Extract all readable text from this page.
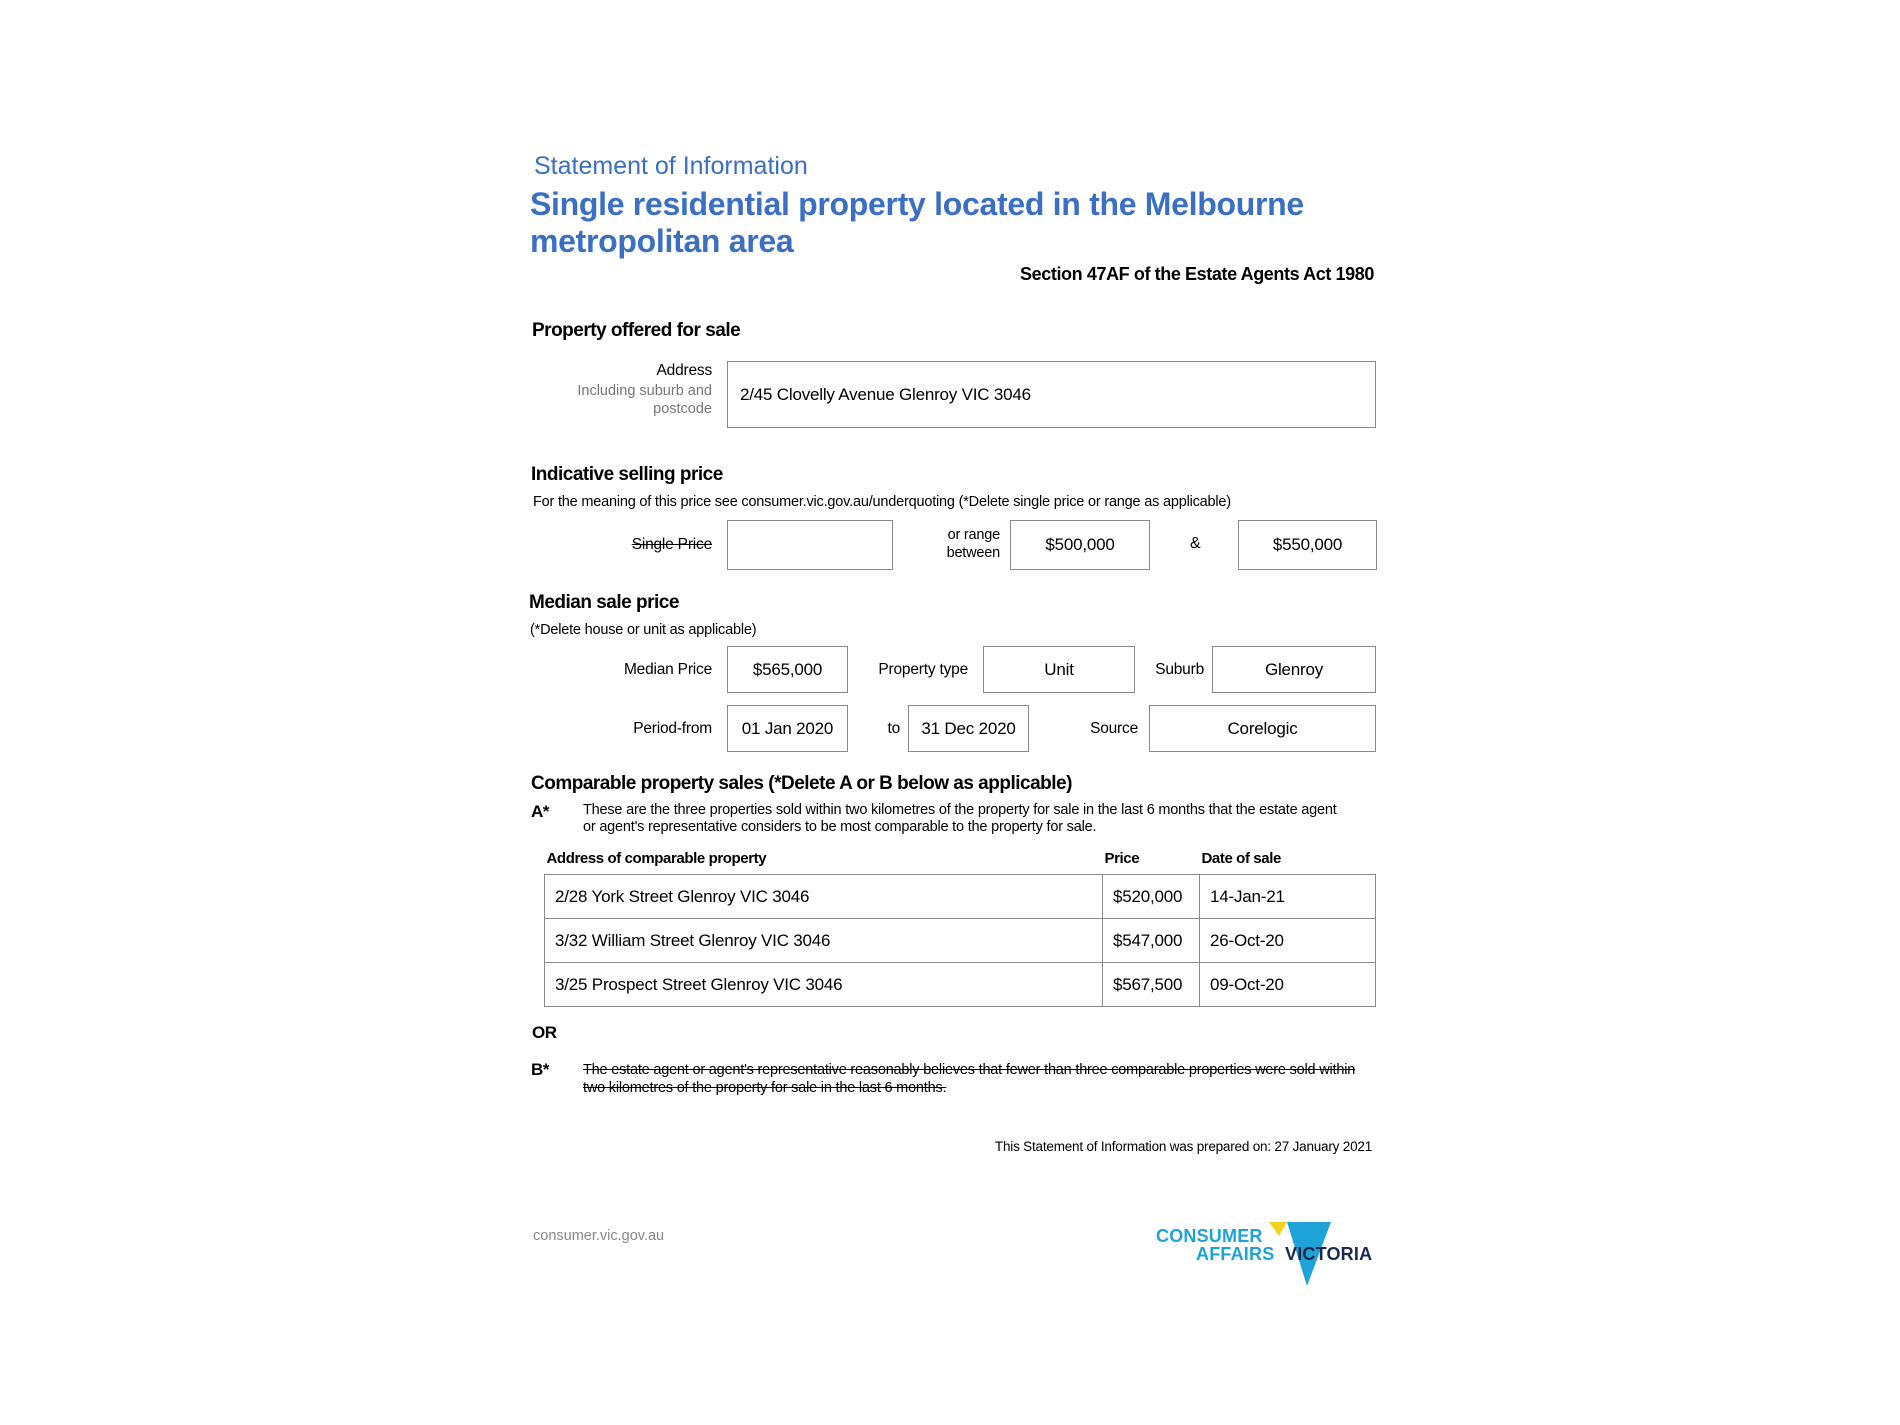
Statement of Information
Single residential property located in the Melbourne metropolitan area
Section 47AF of the Estate Agents Act 1980
Property offered for sale
Address
Including suburb and postcode
2/45 Clovelly Avenue Glenroy VIC 3046
Indicative selling price
For the meaning of this price see consumer.vic.gov.au/underquoting (*Delete single price or range as applicable)
Single Price
or range between	$500,000	&	$550,000
Median sale price
(*Delete house or unit as applicable)
Median Price $565,000	Property type	Unit	Suburb	Glenroy
Period-from 01 Jan 2020	to 31 Dec 2020	Source	Corelogic
Comparable property sales (*Delete A or B below as applicable)
A* These are the three properties sold within two kilometres of the property for sale in the last 6 months that the estate agent or agent's representative considers to be most comparable to the property for sale.
Address of comparable property	Price	Date of sale
2/28 York Street Glenroy VIC 3046	$520,000	14-Jan-21
3/32 William Street Glenroy VIC 3046	$547,000	26-Oct-20
3/25 Prospect Street Glenroy VIC 3046	$567,500	09-Oct-20
OR
B* The estate agent or agent's representative reasonably believes that fewer than three comparable properties were sold within two kilometres of the property for sale in the last 6 months.
This Statement of Information was prepared on: 27 January 2021
consumer.vic.gov.au	CONSUMER
AFFAIRS VICTORIA
